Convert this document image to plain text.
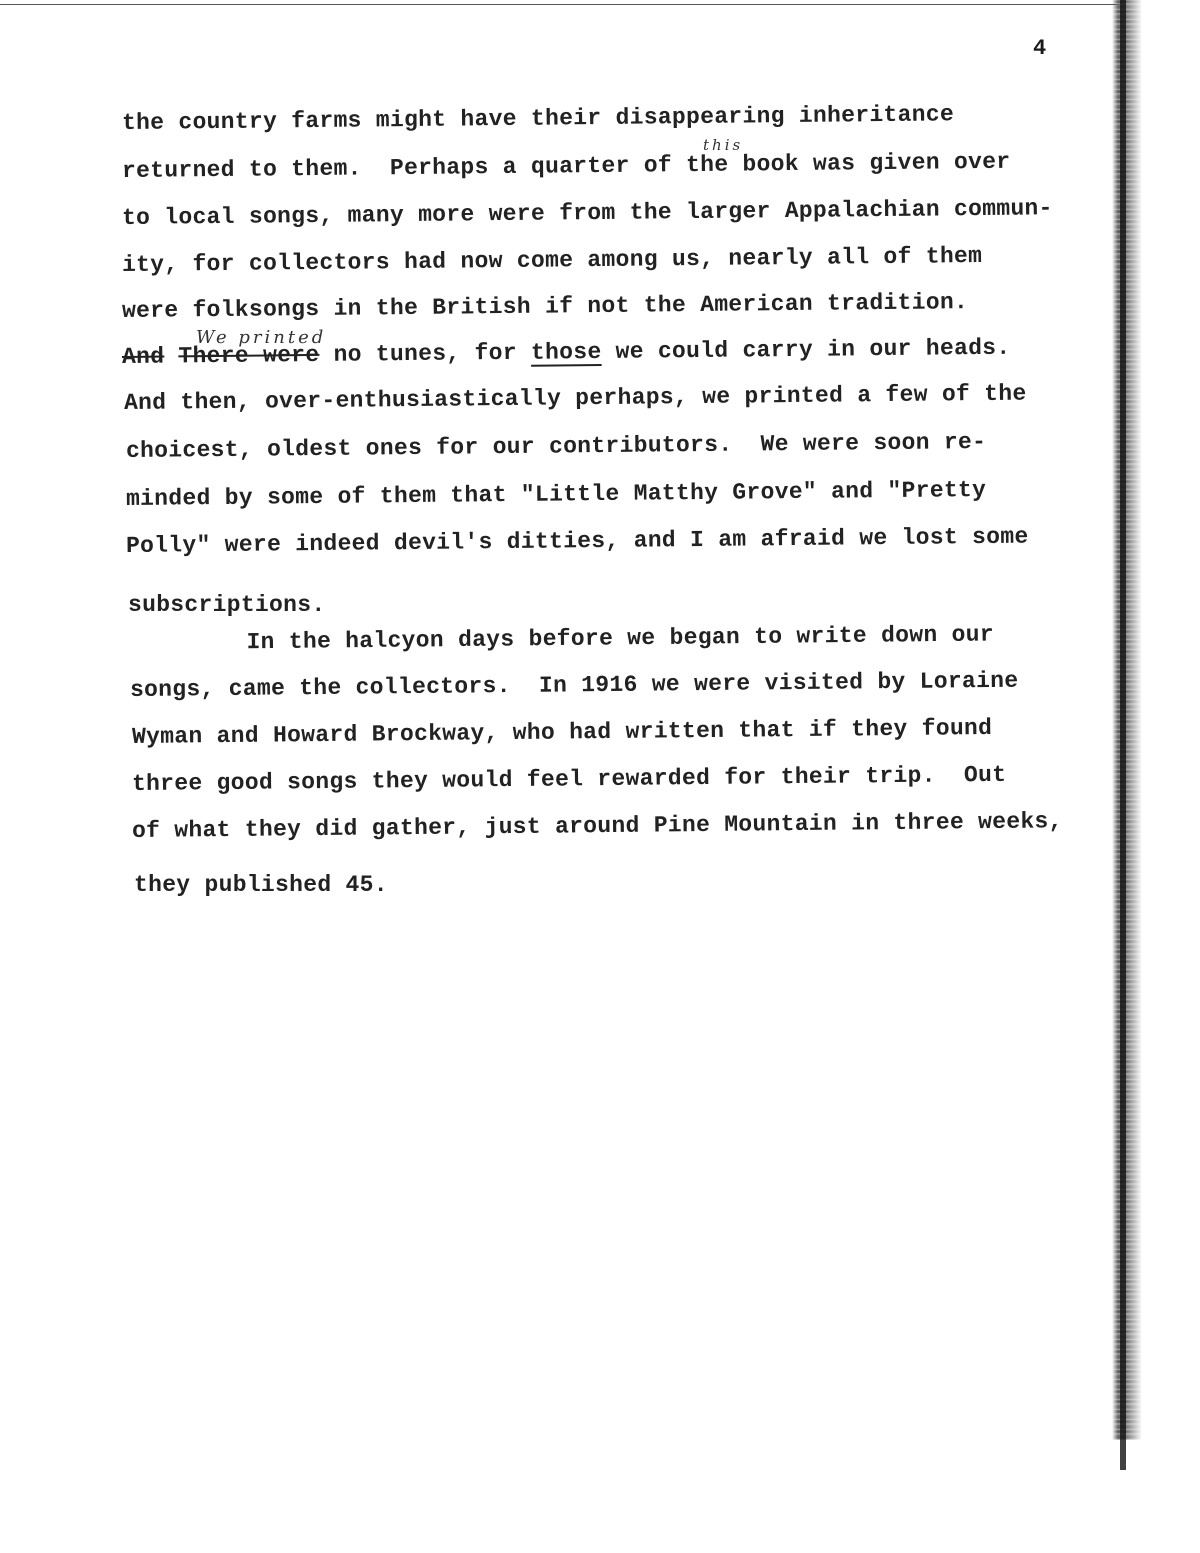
4
the country farms might have their disappearing inheritance
this
returned to them.  Perhaps a quarter of the book was given over
to local songs, many more were from the larger Appalachian commun-
ity, for collectors had now come among us, nearly all of them
were folksongs in the British if not the American tradition.
We printed
And There were no tunes, for those we could carry in our heads.
And then, over-enthusiastically perhaps, we printed a few of the
choicest, oldest ones for our contributors.  We were soon re-
minded by some of them that "Little Matthy Grove" and "Pretty
Polly" were indeed devil's ditties, and I am afraid we lost some
subscriptions.
In the halcyon days before we began to write down our
songs, came the collectors.  In 1916 we were visited by Loraine
Wyman and Howard Brockway, who had written that if they found
three good songs they would feel rewarded for their trip.  Out
of what they did gather, just around Pine Mountain in three weeks,
they published 45.
